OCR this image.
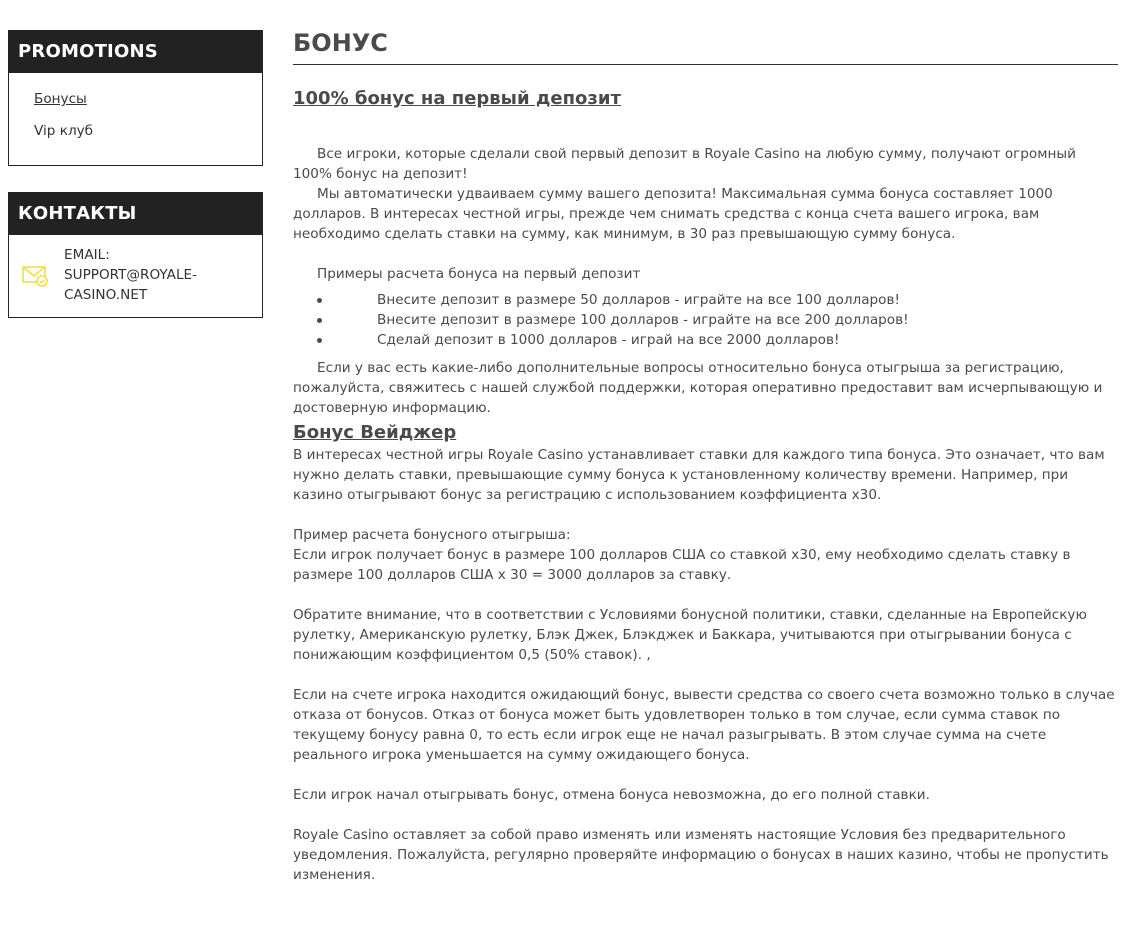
PROMOTIONS
Бонусы
Vip клуб
КОНТАКТЫ
EMAIL:
SUPPORT@ROYALE-
CASINO.NET
БОНУС
100% бонус на первый депозит

Все игроки, которые сделали свой первый депозит в Royale Casino на любую сумму, получают огромный 100% бонус на депозит!

Мы автоматически удваиваем сумму вашего депозита! Максимальная сумма бонуса составляет 1000 долларов. В интересах честной игры, прежде чем снимать средства с конца счета вашего игрока, вам необходимо сделать ставки на сумму, как минимум, в 30 раз превышающую сумму бонуса.

Примеры расчета бонуса на первый депозит

Внесите депозит в размере 50 долларов - играйте на все 100 долларов!
Внесите депозит в размере 100 долларов - играйте на все 200 долларов!
Сделай депозит в 1000 долларов - играй на все 2000 долларов!

Если у вас есть какие-либо дополнительные вопросы относительно бонуса отыгрыша за регистрацию, пожалуйста, свяжитесь с нашей службой поддержки, которая оперативно предоставит вам исчерпывающую и достоверную информацию.

Бонус Вейджер

В интересах честной игры Royale Casino устанавливает ставки для каждого типа бонуса. Это означает, что вам нужно делать ставки, превышающие сумму бонуса к установленному количеству времени. Например, при казино отыгрывают бонус за регистрацию с использованием коэффициента x30.

Пример расчета бонусного отыгрыша:

Если игрок получает бонус в размере 100 долларов США со ставкой x30, ему необходимо сделать ставку в размере 100 долларов США x 30 = 3000 долларов за ставку.

Обратите внимание, что в соответствии с Условиями бонусной политики, ставки, сделанные на Европейскую рулетку, Американскую рулетку, Блэк Джек, Блэкджек и Баккара, учитываются при отыгрывании бонуса с понижающим коэффициентом 0,5 (50% ставок). ,

Если на счете игрока находится ожидающий бонус, вывести средства со своего счета возможно только в случае отказа от бонусов. Отказ от бонуса может быть удовлетворен только в том случае, если сумма ставок по текущему бонусу равна 0, то есть если игрок еще не начал разыгрывать. В этом случае сумма на счете реального игрока уменьшается на сумму ожидающего бонуса.

Если игрок начал отыгрывать бонус, отмена бонуса невозможна, до его полной ставки.

Royale Casino оставляет за собой право изменять или изменять настоящие Условия без предварительного уведомления. Пожалуйста, регулярно проверяйте информацию о бонусах в наших казино, чтобы не пропустить изменения.
